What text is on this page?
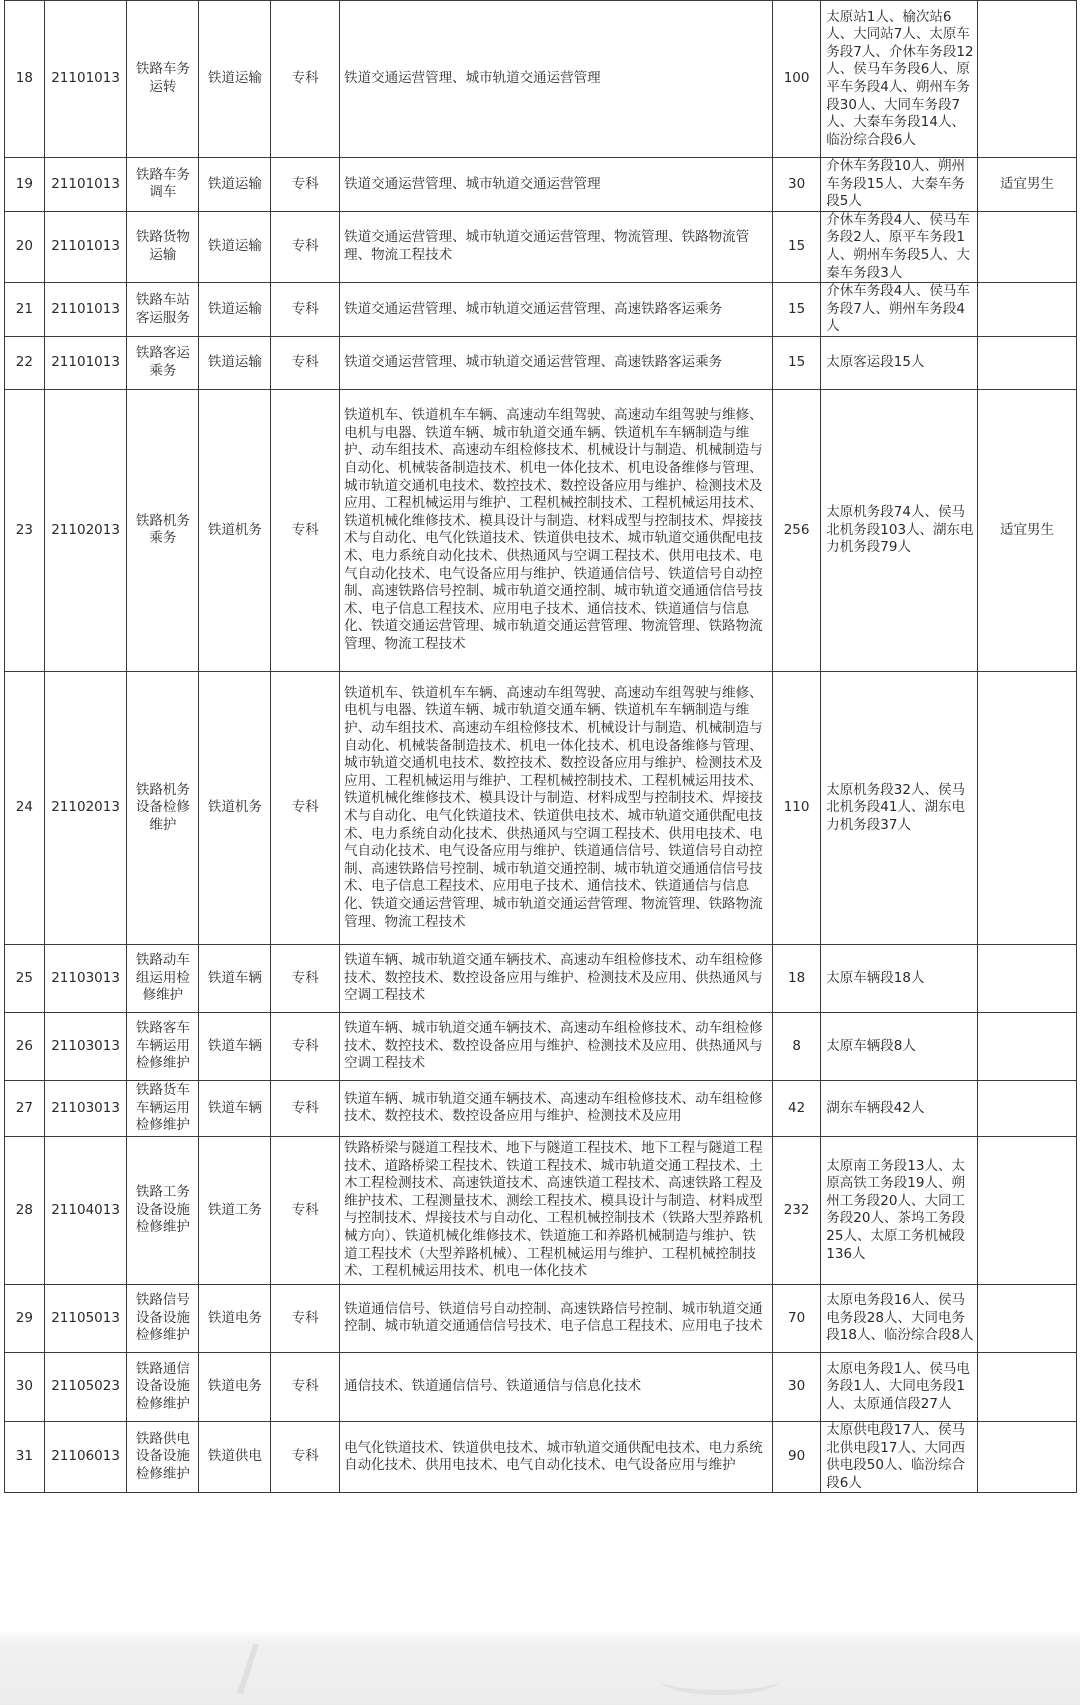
18	21101013	铁路车务运转	铁道运输	专科	铁道交通运营管理、城市轨道交通运营管理	100	太原站1人、榆次站6人、大同站7人、太原车务段7人、介休车务段12人、侯马车务段6人、原平车务段4人、朔州车务段30人、大同车务段7人、大秦车务段14人、临汾综合段6人	
19	21101013	铁路车务调车	铁道运输	专科	铁道交通运营管理、城市轨道交通运营管理	30	介休车务段10人、朔州车务段15人、大秦车务段5人	适宜男生
20	21101013	铁路货物运输	铁道运输	专科	铁道交通运营管理、城市轨道交通运营管理、物流管理、铁路物流管理、物流工程技术	15	介休车务段4人、侯马车务段2人、原平车务段1人、朔州车务段5人、大秦车务段3人	
21	21101013	铁路车站客运服务	铁道运输	专科	铁道交通运营管理、城市轨道交通运营管理、高速铁路客运乘务	15	介休车务段4人、侯马车务段7人、朔州车务段4人	
22	21101013	铁路客运乘务	铁道运输	专科	铁道交通运营管理、城市轨道交通运营管理、高速铁路客运乘务	15	太原客运段15人	
23	21102013	铁路机务乘务	铁道机务	专科	铁道机车、铁道机车车辆、高速动车组驾驶、高速动车组驾驶与维修、电机与电器、铁道车辆、城市轨道交通车辆、铁道机车车辆制造与维护、动车组技术、高速动车组检修技术、机械设计与制造、机械制造与自动化、机械装备制造技术、机电一体化技术、机电设备维修与管理、城市轨道交通机电技术、数控技术、数控设备应用与维护、检测技术及应用、工程机械运用与维护、工程机械控制技术、工程机械运用技术、铁道机械化维修技术、模具设计与制造、材料成型与控制技术、焊接技术与自动化、电气化铁道技术、铁道供电技术、城市轨道交通供配电技术、电力系统自动化技术、供热通风与空调工程技术、供用电技术、电气自动化技术、电气设备应用与维护、铁道通信信号、铁道信号自动控制、高速铁路信号控制、城市轨道交通控制、城市轨道交通通信信号技术、电子信息工程技术、应用电子技术、通信技术、铁道通信与信息化、铁道交通运营管理、城市轨道交通运营管理、物流管理、铁路物流管理、物流工程技术	256	太原机务段74人、侯马北机务段103人、湖东电力机务段79人	适宜男生
24	21102013	铁路机务设备检修维护	铁道机务	专科	铁道机车、铁道机车车辆、高速动车组驾驶、高速动车组驾驶与维修、电机与电器、铁道车辆、城市轨道交通车辆、铁道机车车辆制造与维护、动车组技术、高速动车组检修技术、机械设计与制造、机械制造与自动化、机械装备制造技术、机电一体化技术、机电设备维修与管理、城市轨道交通机电技术、数控技术、数控设备应用与维护、检测技术及应用、工程机械运用与维护、工程机械控制技术、工程机械运用技术、铁道机械化维修技术、模具设计与制造、材料成型与控制技术、焊接技术与自动化、电气化铁道技术、铁道供电技术、城市轨道交通供配电技术、电力系统自动化技术、供热通风与空调工程技术、供用电技术、电气自动化技术、电气设备应用与维护、铁道通信信号、铁道信号自动控制、高速铁路信号控制、城市轨道交通控制、城市轨道交通通信信号技术、电子信息工程技术、应用电子技术、通信技术、铁道通信与信息化、铁道交通运营管理、城市轨道交通运营管理、物流管理、铁路物流管理、物流工程技术	110	太原机务段32人、侯马北机务段41人、湖东电力机务段37人	
25	21103013	铁路动车组运用检修维护	铁道车辆	专科	铁道车辆、城市轨道交通车辆技术、高速动车组检修技术、动车组检修技术、数控技术、数控设备应用与维护、检测技术及应用、供热通风与空调工程技术	18	太原车辆段18人	
26	21103013	铁路客车车辆运用检修维护	铁道车辆	专科	铁道车辆、城市轨道交通车辆技术、高速动车组检修技术、动车组检修技术、数控技术、数控设备应用与维护、检测技术及应用、供热通风与空调工程技术	8	太原车辆段8人	
27	21103013	铁路货车车辆运用检修维护	铁道车辆	专科	铁道车辆、城市轨道交通车辆技术、高速动车组检修技术、动车组检修技术、数控技术、数控设备应用与维护、检测技术及应用	42	湖东车辆段42人	
28	21104013	铁路工务设备设施检修维护	铁道工务	专科	铁路桥梁与隧道工程技术、地下与隧道工程技术、地下工程与隧道工程技术、道路桥梁工程技术、铁道工程技术、城市轨道交通工程技术、土木工程检测技术、高速铁道技术、高速铁道工程技术、高速铁路工程及维护技术、工程测量技术、测绘工程技术、模具设计与制造、材料成型与控制技术、焊接技术与自动化、工程机械控制技术（铁路大型养路机械方向）、铁道机械化维修技术、铁道施工和养路机械制造与维护、铁道工程技术（大型养路机械）、工程机械运用与维护、工程机械控制技术、工程机械运用技术、机电一体化技术	232	太原南工务段13人、太原高铁工务段19人、朔州工务段20人、大同工务段20人、茶坞工务段25人、太原工务机械段136人	
29	21105013	铁路信号设备设施检修维护	铁道电务	专科	铁道通信信号、铁道信号自动控制、高速铁路信号控制、城市轨道交通控制、城市轨道交通通信信号技术、电子信息工程技术、应用电子技术	70	太原电务段16人、侯马电务段28人、大同电务段18人、临汾综合段8人	
30	21105023	铁路通信设备设施检修维护	铁道电务	专科	通信技术、铁道通信信号、铁道通信与信息化技术	30	太原电务段1人、侯马电务段1人、大同电务段1人、太原通信段27人	
31	21106013	铁路供电设备设施检修维护	铁道供电	专科	电气化铁道技术、铁道供电技术、城市轨道交通供配电技术、电力系统自动化技术、供用电技术、电气自动化技术、电气设备应用与维护	90	太原供电段17人、侯马北供电段17人、大同西供电段50人、临汾综合段6人	
